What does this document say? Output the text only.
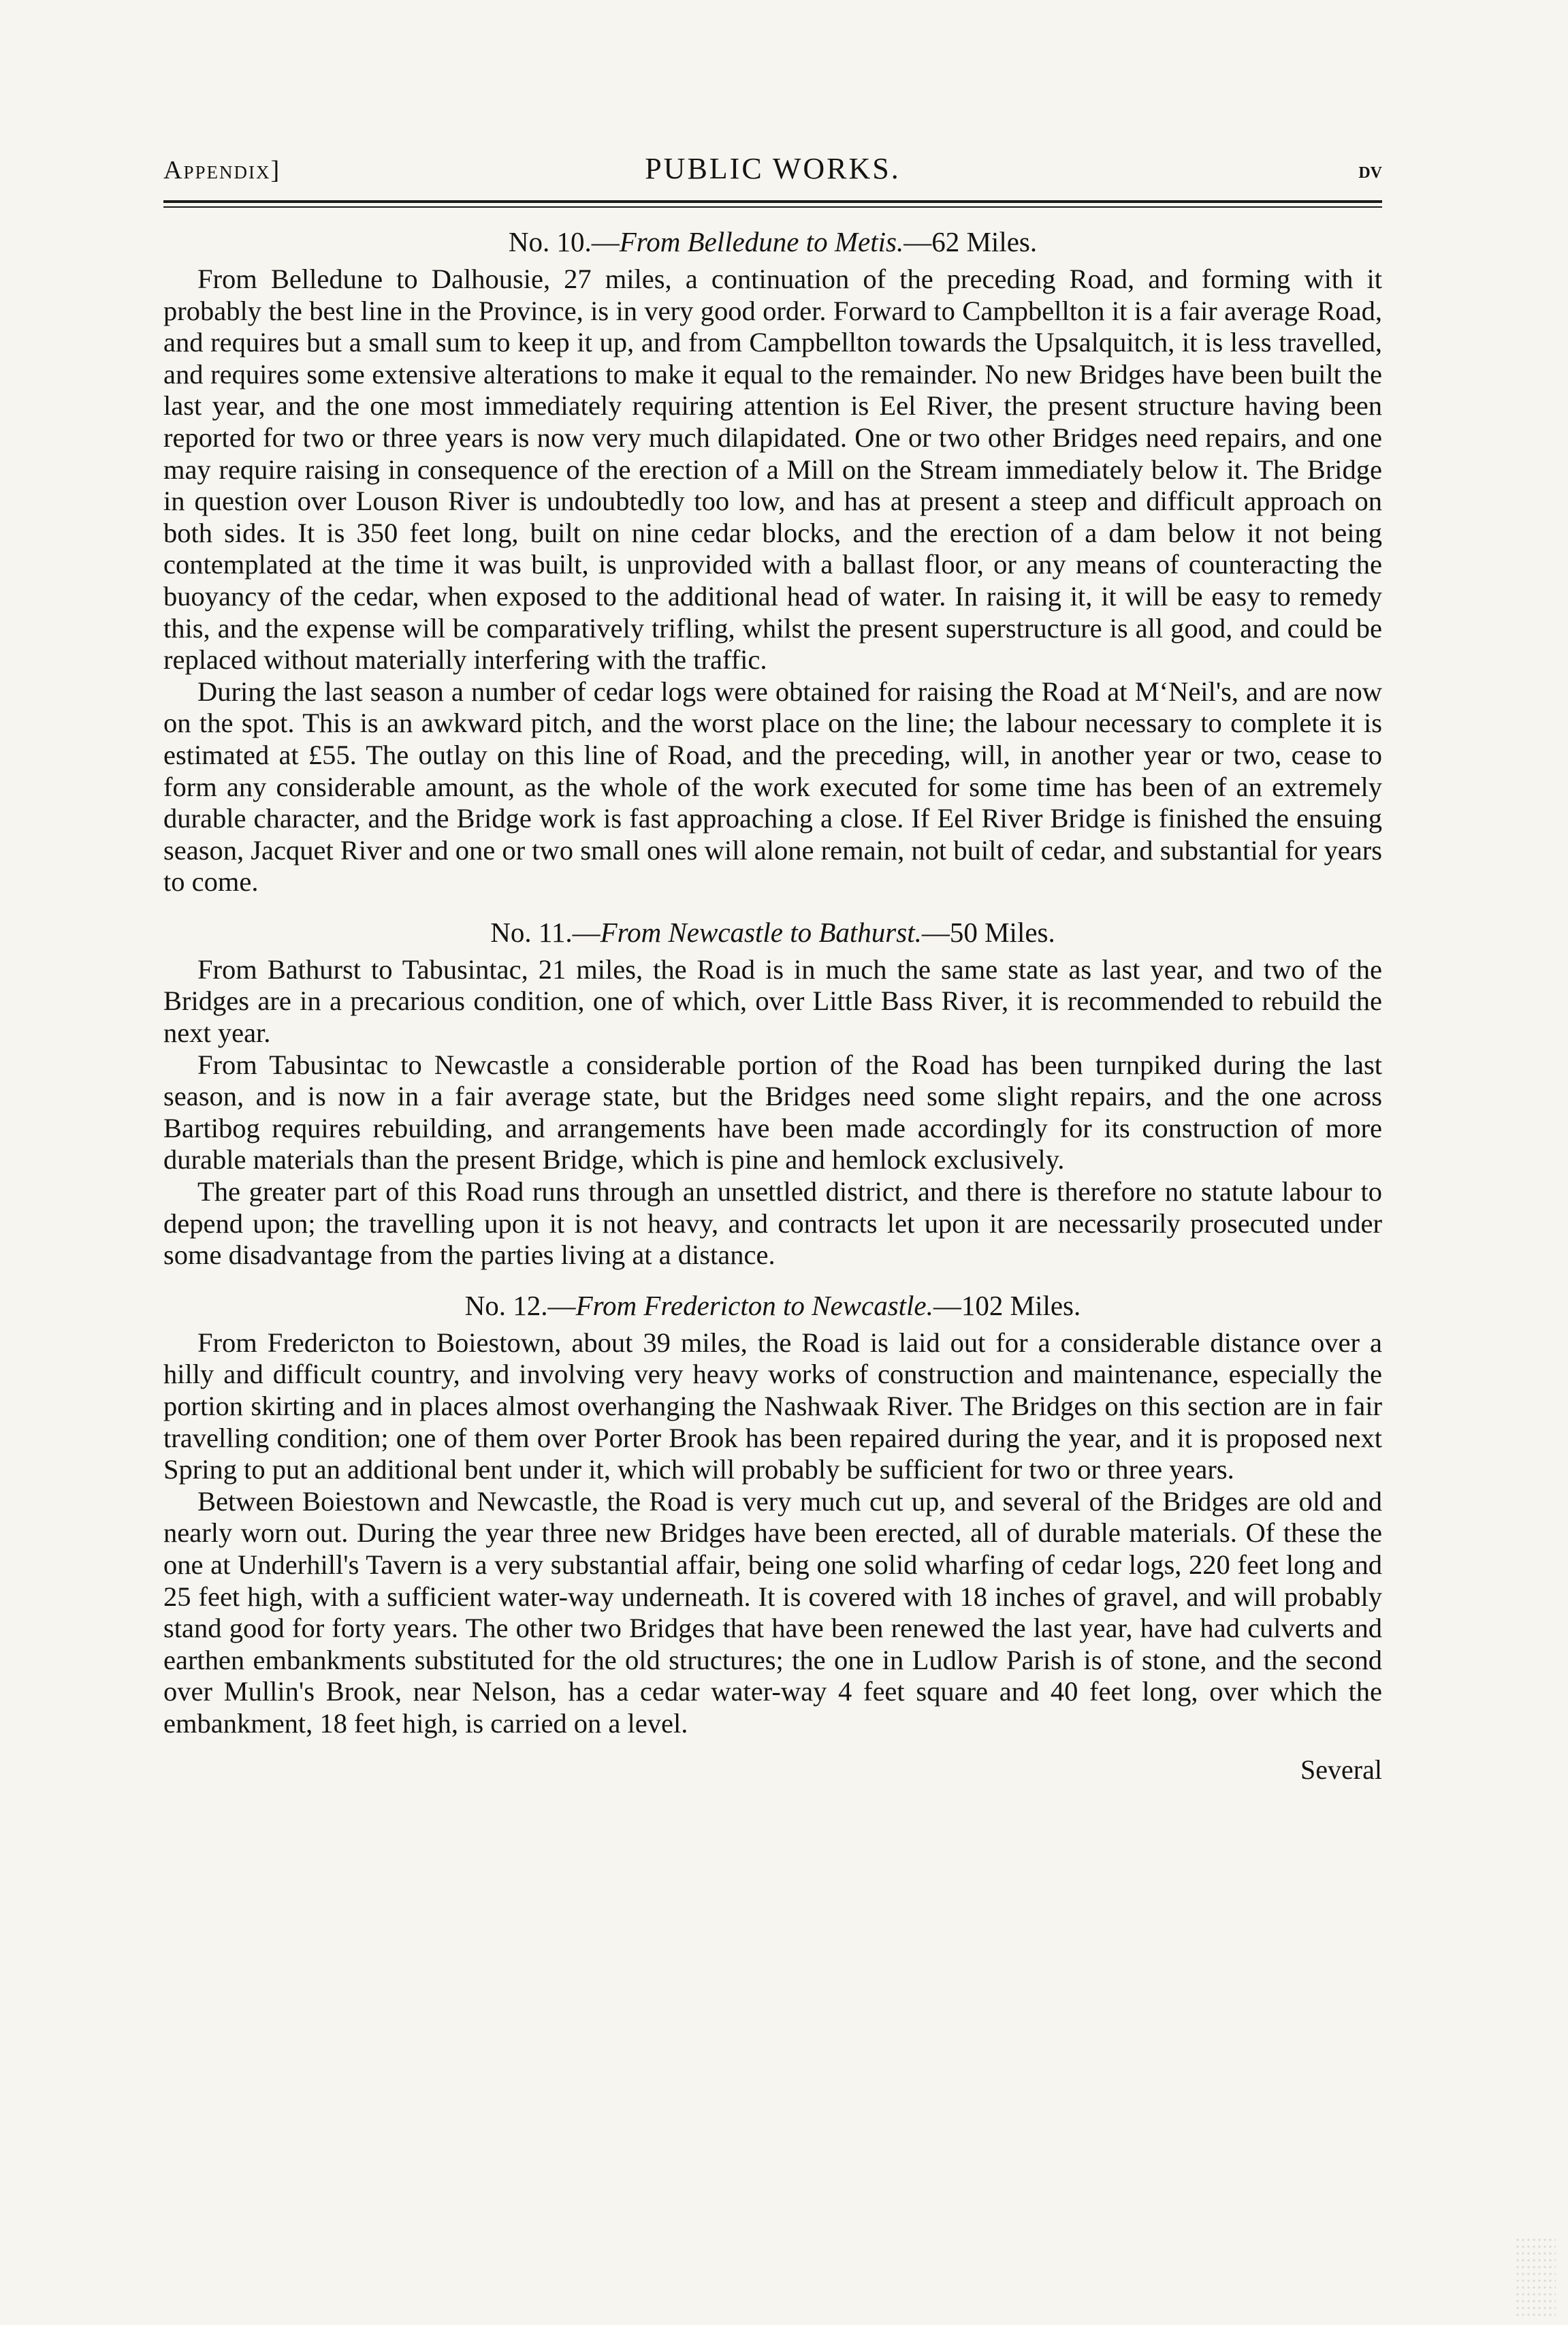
Appendix]	PUBLIC WORKS.	dv
No. 10.—From Belledune to Metis.—62 Miles.

From Belledune to Dalhousie, 27 miles, a continuation of the preceding Road, and forming with it probably the best line in the Province, is in very good order. Forward to Campbellton it is a fair average Road, and requires but a small sum to keep it up, and from Campbellton towards the Upsalquitch, it is less travelled, and requires some extensive alterations to make it equal to the remainder. No new Bridges have been built the last year, and the one most immediately requiring attention is Eel River, the present structure having been reported for two or three years is now very much dilapidated. One or two other Bridges need repairs, and one may require raising in consequence of the erection of a Mill on the Stream immediately below it. The Bridge in question over Louson River is undoubtedly too low, and has at present a steep and difficult approach on both sides. It is 350 feet long, built on nine cedar blocks, and the erection of a dam below it not being contemplated at the time it was built, is unprovided with a ballast floor, or any means of counteracting the buoyancy of the cedar, when exposed to the additional head of water. In raising it, it will be easy to remedy this, and the expense will be comparatively trifling, whilst the present superstructure is all good, and could be replaced without materially interfering with the traffic.

During the last season a number of cedar logs were obtained for raising the Road at M‘Neil's, and are now on the spot. This is an awkward pitch, and the worst place on the line; the labour necessary to complete it is estimated at £55. The outlay on this line of Road, and the preceding, will, in another year or two, cease to form any considerable amount, as the whole of the work executed for some time has been of an extremely durable character, and the Bridge work is fast approaching a close. If Eel River Bridge is finished the ensuing season, Jacquet River and one or two small ones will alone remain, not built of cedar, and substantial for years to come.

No. 11.—From Newcastle to Bathurst.—50 Miles.

From Bathurst to Tabusintac, 21 miles, the Road is in much the same state as last year, and two of the Bridges are in a precarious condition, one of which, over Little Bass River, it is recommended to rebuild the next year.

From Tabusintac to Newcastle a considerable portion of the Road has been turnpiked during the last season, and is now in a fair average state, but the Bridges need some slight repairs, and the one across Bartibog requires rebuilding, and arrangements have been made accordingly for its construction of more durable materials than the present Bridge, which is pine and hemlock exclusively.

The greater part of this Road runs through an unsettled district, and there is therefore no statute labour to depend upon; the travelling upon it is not heavy, and contracts let upon it are necessarily prosecuted under some disadvantage from the parties living at a distance.

No. 12.—From Fredericton to Newcastle.—102 Miles.

From Fredericton to Boiestown, about 39 miles, the Road is laid out for a considerable distance over a hilly and difficult country, and involving very heavy works of construction and maintenance, especially the portion skirting and in places almost overhanging the Nashwaak River. The Bridges on this section are in fair travelling condition; one of them over Porter Brook has been repaired during the year, and it is proposed next Spring to put an additional bent under it, which will probably be sufficient for two or three years.

Between Boiestown and Newcastle, the Road is very much cut up, and several of the Bridges are old and nearly worn out. During the year three new Bridges have been erected, all of durable materials. Of these the one at Underhill's Tavern is a very substantial affair, being one solid wharfing of cedar logs, 220 feet long and 25 feet high, with a sufficient water-way underneath. It is covered with 18 inches of gravel, and will probably stand good for forty years. The other two Bridges that have been renewed the last year, have had culverts and earthen embankments substituted for the old structures; the one in Ludlow Parish is of stone, and the second over Mullin's Brook, near Nelson, has a cedar water-way 4 feet square and 40 feet long, over which the embankment, 18 feet high, is carried on a level.

Several
